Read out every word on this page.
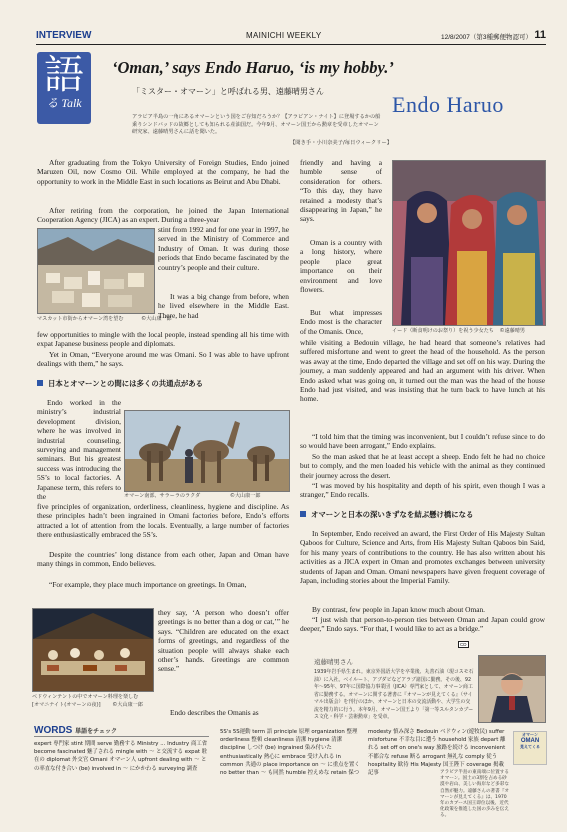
INTERVIEW	MAINICHI WEEKLY	12/8/2007（第3種郵便物認可） 11
語
る Talk
‘Oman,’ says Endo Haruo, ‘is my hobby.’
「ミスター・オマーン」と呼ばれる男、遠藤晴男さん
Endo Haruo
アラビア半島の一角にあるオマーンという国をご存知だろうか？【アラビアン・ナイト】に登場するかの船乗りシンドバッドの故郷としても知られる産油国だ。今年9月、オマーン国王から勲章を受章したオマーン研究家、遠藤晴男さんに話を聞いた。
【聞き手・小川奈美子/毎日ウィークリー】
After graduating from the Tokyo University of Foreign Studies, Endo joined Maruzen Oil, now Cosmo Oil. While employed at the company, he had the opportunity to work in the Middle East in such locations as Beirut and Abu Dhabi.
After retiring from the corporation, he joined the Japan International Cooperation Agency (JICA) as an expert. During a three-year
マスカット市街からオマーン湾を望む	©大山康一郎
stint from 1992 and for one year in 1997, he served in the Ministry of Commerce and Industry of Oman. It was during those periods that Endo became fascinated by the country’s people and their culture.
It was a big change from before, when he lived elsewhere in the Middle East. There, he had
few opportunities to mingle with the local people, instead spending all his time with expat Japanese business people and diplomats.
Yet in Oman, “Everyone around me was Omani. So I was able to have upfront dealings with them,” he says.
日本とオマーンとの間には多くの共通点がある
Endo worked in the ministry’s industrial development division, where he was involved in industrial counseling, surveying and management seminars. But his greatest success was introducing the 5S’s to local factories. A Japanese term, this refers to the	オマーン南部、サラーラのラクダ	©大山康一郎
five principles of organization, orderliness, cleanliness, hygiene and discipline. As these principles hadn’t been ingrained in Omani factories before, Endo’s efforts attracted a lot of attention from the locals. Eventually, a large number of factories there enthusiastically embraced the 5S’s.
Despite the countries’ long distance from each other, Japan and Oman have many things in common, Endo believes.
“For example, they place much importance on greetings. In Oman,
ベドウィンテントの中でオマーン料理を楽しむ
[オマニナイト(オマーンの夜)] ©大山康一郎
they say, ‘A person who doesn’t offer greetings is no better than a dog or cat,’” he says. “Children are educated on the exact forms of greetings, and regardless of the situation people will always shake each other’s hands. Greetings are common sense.”
Endo describes the Omanis as
friendly and having a humble sense of consideration for others. “To this day, they have retained a modesty that’s disappearing in Japan,” he says.
Oman is a country with a long history, where people place great importance on their environment and love flowers.
But what impresses Endo most is the character of the Omanis. Once,	イード（断食明けのお祭り）を祝う少女たち ©遠藤晴男
while visiting a Bedouin village, he had heard that someone’s relatives had suffered misfortune and went to greet the head of the household. As the person was away at the time, Endo departed the village and set off on his way. During the journey, a man suddenly appeared and had an argument with his driver. When Endo asked what was going on, it turned out the man was the head of the house Endo had just visited, and was insisting that he turn back to have lunch at his home.
“I told him that the timing was inconvenient, but I couldn’t refuse since to do so would have been arrogant,” Endo explains.
So the man asked that he at least accept a sheep. Endo felt he had no choice but to comply, and the men loaded his vehicle with the animal as they continued their journey across the desert.
“I was moved by his hospitality and depth of his spirit, even though I was a stranger,” Endo recalls.
オマーンと日本の深いきずなを結ぶ懸け橋になる
In September, Endo received an award, the First Order of His Majesty Sultan Qaboos for Culture, Science and Arts, from His Majesty Sultan Qaboos bin Said, for his many years of contributions to the country. He has also written about his activities as a JICA expert in Oman and promotes exchanges between university students of Japan and Oman. Omani newspapers have given frequent coverage of Japan, including stories about the Imperial Family.
By contrast, few people in Japan know much about Oman.
“I just wish that person-to-person ties between Oman and Japan could grow deeper,” Endo says. “For that, I would like to act as a bridge.”
CD
遠藤晴男さん
1939年岩手県生まれ。東京外国語大学を卒業後、丸善石油（現コスモ石油）に入社。ベイルート、アブダビなどアラブ諸国に勤務。その後、92年～95年、97年に国際協力事業団（JICA）専門家として、オマーン商工省に勤務する。オマーンに関する著書に『オマーンが見えてくる』（サイマル出版会）を刊行のほか、オマーンと日本の交流活動や、大学生の交流を精力的に行う。本年9月、オマーン国王より「第一等スルタンカブース文化・科学・芸術勲章」を受章。
WORDS 単語をチェック
expert 専門家 stint 期間 serve 勤務する Ministry ... Industry 商工省 become fascinated 魅了される mingle with ～ と交流する expat 駐在の diplomat 外交官 Omani オマーン人 upfront dealing with ～ との率直な付き合い (be) involved in ～ にかかわる surveying 調査
5S's 5S運動 term 語 principle 原理 organization 整理 orderliness 整頓 cleanliness 清潔 hygiene 清潔 discipline しつけ (be) ingrained 染み付いた enthusiastically 熱心に embrace 受け入れる in common 共通の place importance on ～ に重点を置く no better than ～ も同然 humble 控えめな retain 保つ modesty 慎み深さ Bedouin ベドウィン(遊牧民) suffer misfortune 不幸な目に遭う household 家族 depart 離れる set off on one's way 旅路を続ける inconvenient 不都合な refuse 断る arrogant 無礼な comply 従う hospitality 歓待 His Majesty 国王陛下 coverage 掲載記事	アラビア半島の東南端に位置するオマーン。国土の3割を占める砂漠や岩山、美しい海岸など多彩な自然が魅力。遠藤さんの著書『オマーンが見えてくる』は、1970年のカブース国王即位以後、近代化政策を推進した国の歩みを伝える。
オマーン
OMAN
見えてくる
